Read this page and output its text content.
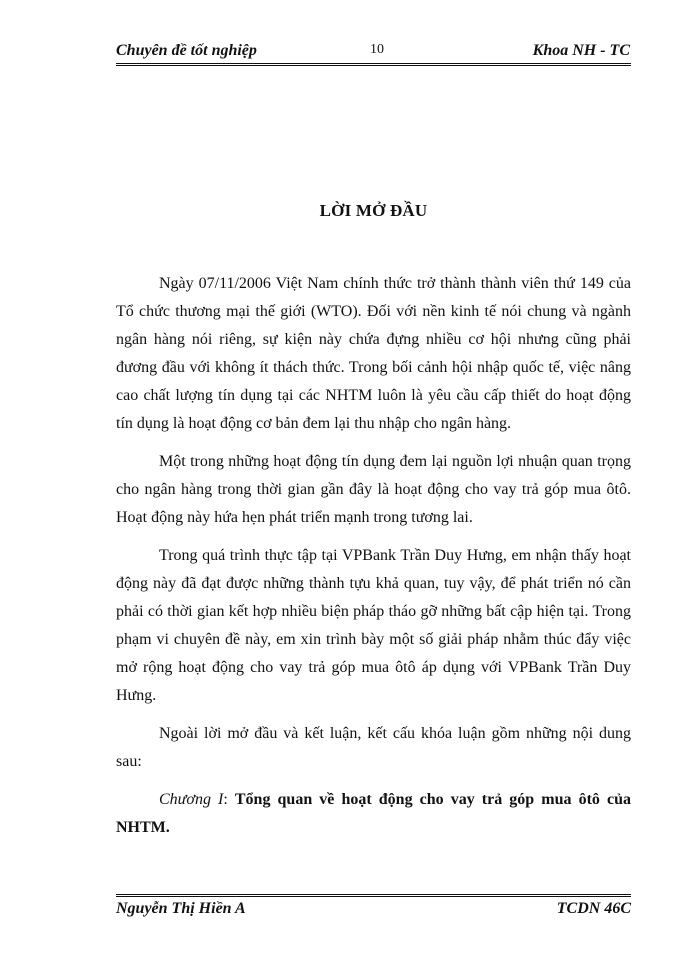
Chuyên đề tốt nghiệp	10	Khoa NH - TC
LỜI MỞ ĐẦU

Ngày 07/11/2006 Việt Nam chính thức trở thành thành viên thứ 149 của Tổ chức thương mại thế giới (WTO). Đối với nền kinh tế nói chung và ngành ngân hàng nói riêng, sự kiện này chứa đựng nhiều cơ hội nhưng cũng phải đương đầu với không ít thách thức. Trong bối cảnh hội nhập quốc tế, việc nâng cao chất lượng tín dụng tại các NHTM luôn là yêu cầu cấp thiết do hoạt động tín dụng là hoạt động cơ bản đem lại thu nhập cho ngân hàng.

Một trong những hoạt động tín dụng đem lại nguồn lợi nhuận quan trọng cho ngân hàng trong thời gian gần đây là hoạt động cho vay trả góp mua ôtô. Hoạt động này hứa hẹn phát triển mạnh trong tương lai.

Trong quá trình thực tập tại VPBank Trần Duy Hưng, em nhận thấy hoạt động này đã đạt được những thành tựu khả quan, tuy vậy, để phát triển nó cần phải có thời gian kết hợp nhiều biện pháp tháo gỡ những bất cập hiện tại. Trong phạm vi chuyên đề này, em xin trình bày một số giải pháp nhằm thúc đẩy việc mở rộng hoạt động cho vay trả góp mua ôtô áp dụng với VPBank Trần Duy Hưng.

Ngoài lời mở đầu và kết luận, kết cấu khóa luận gồm những nội dung sau:

Chương I: Tổng quan về hoạt động cho vay trả góp mua ôtô của NHTM.

Nguyễn Thị Hiền A	TCDN 46C
